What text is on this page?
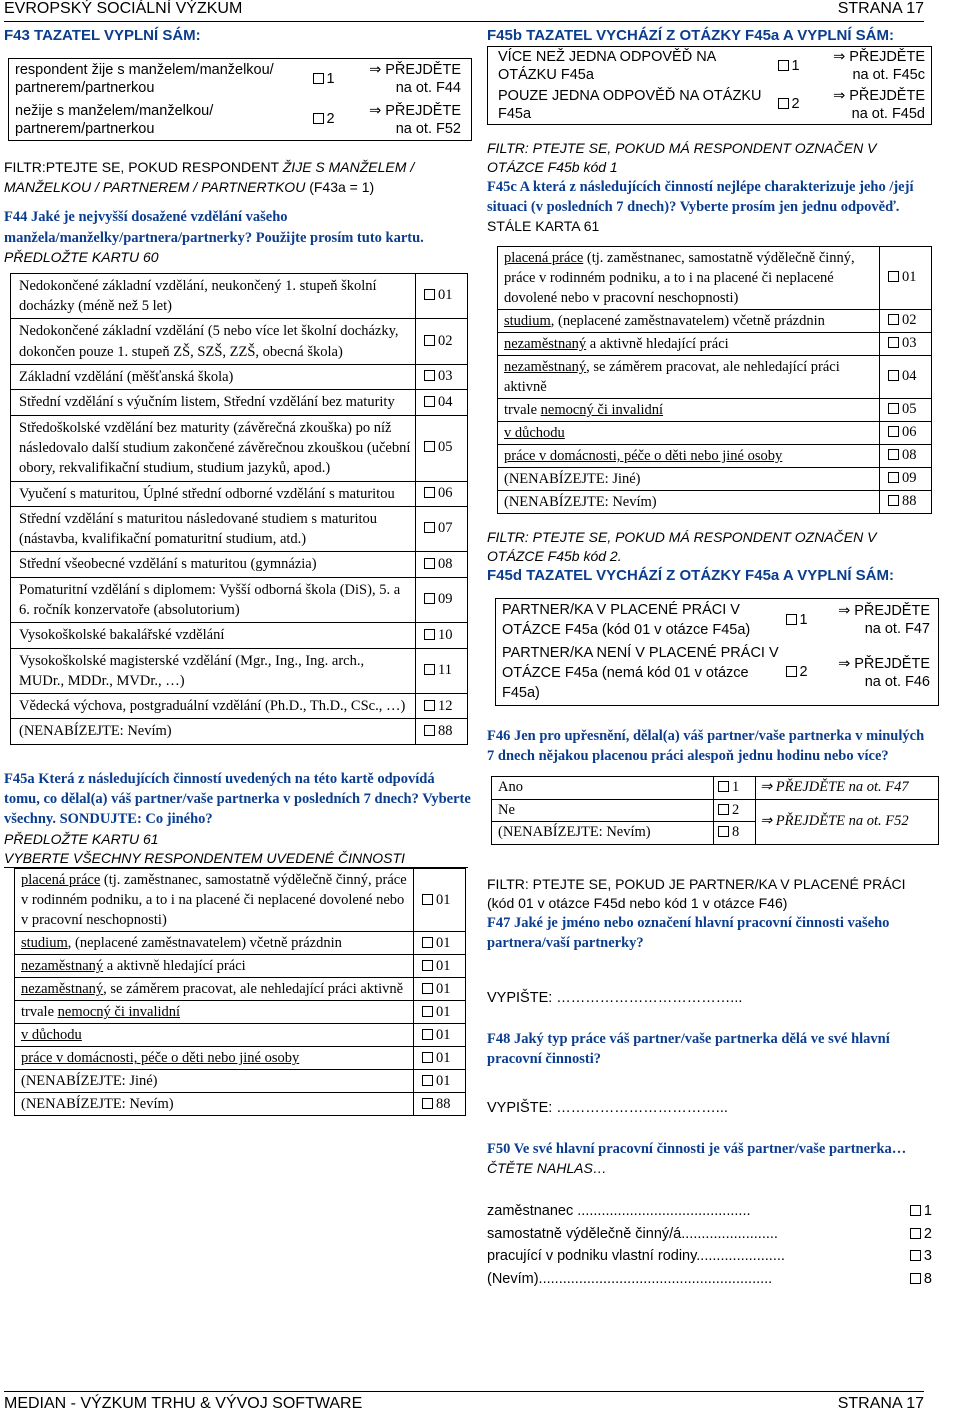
EVROPSKÝ SOCIÁLNÍ VÝZKUM	STRANA 17
F43 TAZATEL VYPLNÍ SÁM:
respondent žije s manželem/manželkou/ partnerem/partnerkou	1	⇒ PŘEJDĚTE
na ot. F44

nežije s manželem/manželkou/ partnerem/partnerkou	2	⇒ PŘEJDĚTE
na ot. F52
FILTR:PTEJTE SE, POKUD RESPONDENT ŽIJE S MANŽELEM / MANŽELKOU / PARTNEREM / PARTNERTKOU (F43a = 1)
F44 Jaké je nejvyšší dosažené vzdělání vašeho manžela/manželky/partnera/partnerky? Použijte prosím tuto kartu.
PŘEDLOŽTE KARTU 60
Nedokončené základní vzdělání, neukončený 1. stupeň školní docházky (méně než 5 let)	01
Nedokončené základní vzdělání (5 nebo více let školní docházky, dokončen pouze 1. stupeň ZŠ, SZŠ, ZZŠ, obecná škola)	02
Základní vzdělání (měšťanská škola)	03
Střední vzdělání s výučním listem, Střední vzdělání bez maturity	04
Středoškolské vzdělání bez maturity (závěrečná zkouška) po níž následovalo další studium zakončené závěrečnou zkouškou (učební obory, rekvalifikační studium, studium jazyků, apod.)	05
Vyučení s maturitou, Úplné střední odborné vzdělání s maturitou	06
Střední vzdělání s maturitou následované studiem s maturitou (nástavba, kvalifikační pomaturitní studium, atd.)	07
Střední všeobecné vzdělání s maturitou (gymnázia)	08
Pomaturitní vzdělání s diplomem: Vyšší odborná škola (DiS), 5. a 6. ročník konzervatoře (absolutorium)	09
Vysokoškolské bakalářské vzdělání	10
Vysokoškolské magisterské vzdělání (Mgr., Ing., Ing. arch., MUDr., MDDr., MVDr., …)	11
Vědecká výchova, postgraduální vzdělání (Ph.D., Th.D., CSc., …)	12
(NENABÍZEJTE: Nevím)	88
F45a Která z následujících činností uvedených na této kartě odpovídá tomu, co dělal(a) váš partner/vaše partnerka v posledních 7 dnech? Vyberte všechny. SONDUJTE: Co jiného?
PŘEDLOŽTE KARTU 61
VYBERTE VŠECHNY RESPONDENTEM UVEDENÉ ČINNOSTI
placená práce (tj. zaměstnanec, samostatně výdělečně činný, práce v rodinném podniku, a to i na placené či neplacené dovolené nebo v pracovní neschopnosti)	01
studium, (neplacené zaměstnavatelem) včetně prázdnin	01
nezaměstnaný a aktivně hledající práci	01
nezaměstnaný, se záměrem pracovat, ale nehledající práci aktivně	01
trvale nemocný či invalidní	01
v důchodu	01
práce v domácnosti, péče o děti nebo jiné osoby	01
(NENABÍZEJTE: Jiné)	01
(NENABÍZEJTE: Nevím)	88
F45b TAZATEL VYCHÁZÍ Z OTÁZKY F45a A VYPLNÍ SÁM:
VÍCE NEŽ JEDNA ODPOVĚĎ NA OTÁZKU F45a	1	⇒ PŘEJDĚTE
na ot. F45c

POUZE JEDNA ODPOVĚĎ NA OTÁZKU F45a	2	⇒ PŘEJDĚTE
na ot. F45d
FILTR: PTEJTE SE, POKUD MÁ RESPONDENT OZNAČEN V OTÁZCE F45b kód 1
F45c A která z následujících činností nejlépe charakterizuje jeho /její situaci (v posledních 7 dnech)? Vyberte prosím jen jednu odpověď.
STÁLE KARTA 61
placená práce (tj. zaměstnanec, samostatně výdělečně činný, práce v rodinném podniku, a to i na placené či neplacené dovolené nebo v pracovní neschopnosti)	01
studium, (neplacené zaměstnavatelem) včetně prázdnin	02
nezaměstnaný a aktivně hledající práci	03
nezaměstnaný, se záměrem pracovat, ale nehledající práci aktivně	04
trvale nemocný či invalidní	05
v důchodu	06
práce v domácnosti, péče o děti nebo jiné osoby	08
(NENABÍZEJTE: Jiné)	09
(NENABÍZEJTE: Nevím)	88
FILTR: PTEJTE SE, POKUD MÁ RESPONDENT OZNAČEN V OTÁZCE F45b kód 2.
F45d TAZATEL VYCHÁZÍ Z OTÁZKY F45a A VYPLNÍ SÁM:
PARTNER/KA V PLACENÉ PRÁCI V OTÁZCE F45a (kód 01 v otázce F45a)	1	⇒ PŘEJDĚTE
na ot. F47

PARTNER/KA NENÍ V PLACENÉ PRÁCI V OTÁZCE F45a (nemá kód 01 v otázce F45a)	2	⇒ PŘEJDĚTE
na ot. F46
F46 Jen pro upřesnění, dělal(a) váš partner/vaše partnerka v minulých 7 dnech nějakou placenou práci alespoň jednu hodinu nebo více?
Ano	1	⇒ PŘEJDĚTE na ot. F47
Ne	2	⇒ PŘEJDĚTE na ot. F52
(NENABÍZEJTE: Nevím)	8	
FILTR: PTEJTE SE, POKUD JE PARTNER/KA V PLACENÉ PRÁCI (kód 01 v otázce F45d nebo kód 1 v otázce F46)
F47 Jaké je jméno nebo označení hlavní pracovní činnosti vašeho partnera/vaší partnerky?
VYPIŠTE: ………………………………...
F48 Jaký typ práce váš partner/vaše partnerka dělá ve své hlavní pracovní činnosti?
VYPIŠTE: ……………………………...
F50 Ve své hlavní pracovní činnosti je váš partner/vaše partnerka…
ČTĚTE NAHLAS…
zaměstnanec ...........................................	1
samostatně výdělečně činný/á........................	2
pracující v podniku vlastní rodiny......................	3
(Nevím)..........................................................	8
MEDIAN - VÝZKUM TRHU & VÝVOJ SOFTWARE	STRANA 17
